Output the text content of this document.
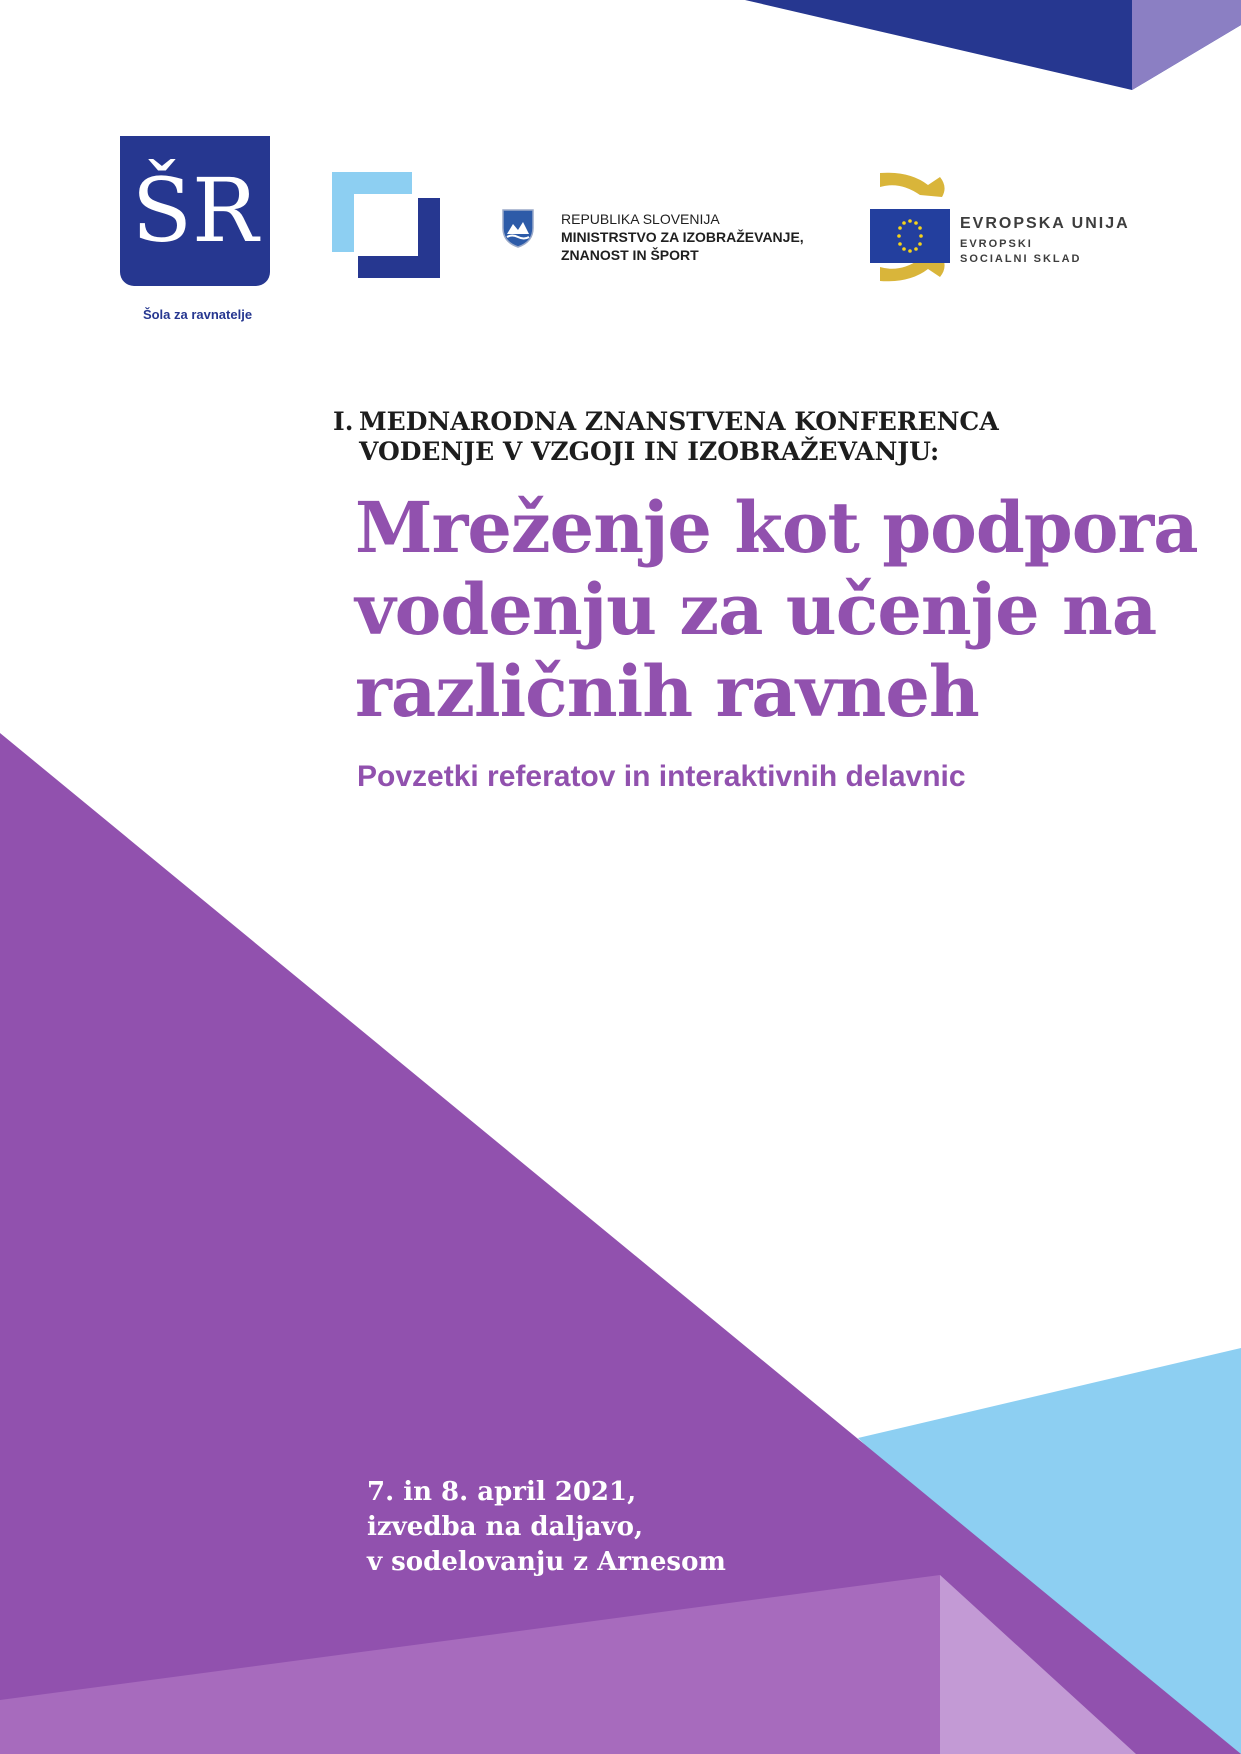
ŠR
Šola za ravnatelje
REPUBLIKA SLOVENIJA
MINISTRSTVO ZA IZOBRAŽEVANJE,
ZNANOST IN ŠPORT
EVROPSKA UNIJA
EVROPSKI
SOCIALNI SKLAD
I. MEDNARODNA ZNANSTVENA KONFERENCA
VODENJE V VZGOJI IN IZOBRAŽEVANJU:
Mreženje kot podpora
vodenju za učenje na
različnih ravneh
Povzetki referatov in interaktivnih delavnic
7. in 8. april 2021,
izvedba na daljavo,
v sodelovanju z Arnesom
